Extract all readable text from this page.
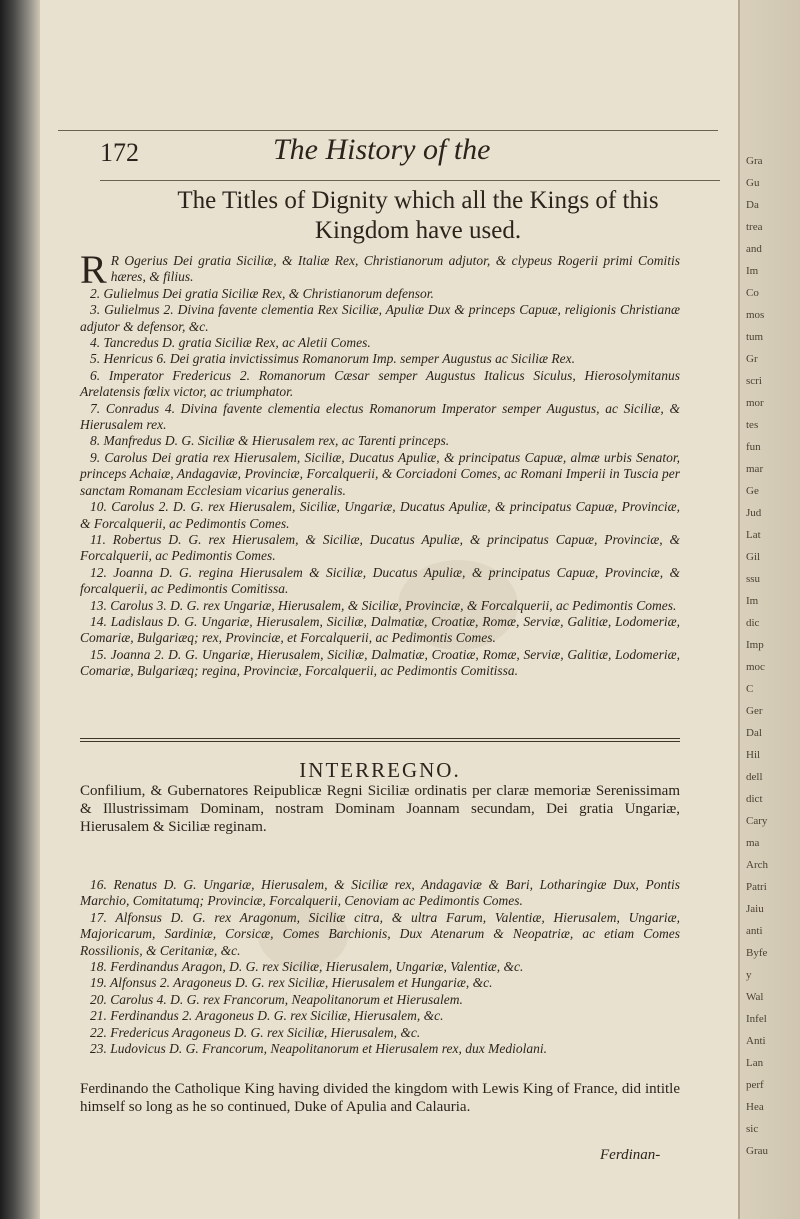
Gra
Gu
Da
trea
and
Im
Co
mos
tum
Gr
scri
mor
tes
fun
mar
Ge
Jud
Lat
Gil
ssu
Im
dic
Imp
moc
C
Ger
Dal
Hil
dell
dict
Cary
ma
Arch
Patri
Jaiu
anti
Byfe
y
Wal
Infel
Anti
Lan
perf
Hea
sic
Grau
172	The History of the
The Titles of Dignity which all the Kings of this
Kingdom have used.

R R Ogerius Dei gratia Siciliæ, & Italiæ Rex, Christianorum adjutor, & clypeus Rogerii primi Comitis hæres, & filius.

2. Gulielmus Dei gratia Siciliæ Rex, & Christianorum defensor.

3. Gulielmus 2. Divina favente clementia Rex Siciliæ, Apuliæ Dux & princeps Capuæ, religionis Christianæ adjutor & defensor, &c.

4. Tancredus D. gratia Siciliæ Rex, ac Aletii Comes.

5. Henricus 6. Dei gratia invictissimus Romanorum Imp. semper Augustus ac Siciliæ Rex.

6. Imperator Fredericus 2. Romanorum Cæsar semper Augustus Italicus Siculus, Hierosolymitanus Arelatensis fœlix victor, ac triumphator.

7. Conradus 4. Divina favente clementia electus Romanorum Imperator semper Augustus, ac Siciliæ, & Hierusalem rex.

8. Manfredus D. G. Siciliæ & Hierusalem rex, ac Tarenti princeps.

9. Carolus Dei gratia rex Hierusalem, Siciliæ, Ducatus Apuliæ, & principatus Capuæ, almæ urbis Senator, princeps Achaiæ, Andagaviæ, Provinciæ, Forcalquerii, & Corciadoni Comes, ac Romani Imperii in Tuscia per sanctam Romanam Ecclesiam vicarius generalis.

10. Carolus 2. D. G. rex Hierusalem, Siciliæ, Ungariæ, Ducatus Apuliæ, & principatus Capuæ, Provinciæ, & Forcalquerii, ac Pedimontis Comes.

11. Robertus D. G. rex Hierusalem, & Siciliæ, Ducatus Apuliæ, & principatus Capuæ, Provinciæ, & Forcalquerii, ac Pedimontis Comes.

12. Joanna D. G. regina Hierusalem & Siciliæ, Ducatus Apuliæ, & principatus Capuæ, Provinciæ, & forcalquerii, ac Pedimontis Comitissa.

13. Carolus 3. D. G. rex Ungariæ, Hierusalem, & Siciliæ, Provinciæ, & Forcalquerii, ac Pedimontis Comes.

14. Ladislaus D. G. Ungariæ, Hierusalem, Siciliæ, Dalmatiæ, Croatiæ, Romæ, Serviæ, Galitiæ, Lodomeriæ, Comariæ, Bulgariæq; rex, Provinciæ, et Forcalquerii, ac Pedimontis Comes.

15. Joanna 2. D. G. Ungariæ, Hierusalem, Siciliæ, Dalmatiæ, Croatiæ, Romæ, Serviæ, Galitiæ, Lodomeriæ, Comariæ, Bulgariæq; regina, Provinciæ, Forcalquerii, ac Pedimontis Comitissa.

INTERREGNO.
Confilium, & Gubernatores Reipublicæ Regni Siciliæ ordinatis per claræ memoriæ Serenissimam & Illustrissimam Dominam, nostram Dominam Joannam secundam, Dei gratia Ungariæ, Hierusalem & Siciliæ reginam.

16. Renatus D. G. Ungariæ, Hierusalem, & Siciliæ rex, Andagaviæ & Bari, Lotharingiæ Dux, Pontis Marchio, Comitatumq; Provinciæ, Forcalquerii, Cenoviam ac Pedimontis Comes.

17. Alfonsus D. G. rex Aragonum, Siciliæ citra, & ultra Farum, Valentiæ, Hierusalem, Ungariæ, Majoricarum, Sardiniæ, Corsicæ, Comes Barchionis, Dux Atenarum & Neopatriæ, ac etiam Comes Rossilionis, & Ceritaniæ, &c.

18. Ferdinandus Aragon, D. G. rex Siciliæ, Hierusalem, Ungariæ, Valentiæ, &c.

19. Alfonsus 2. Aragoneus D. G. rex Siciliæ, Hierusalem et Hungariæ, &c.

20. Carolus 4. D. G. rex Francorum, Neapolitanorum et Hierusalem.

21. Ferdinandus 2. Aragoneus D. G. rex Siciliæ, Hierusalem, &c.

22. Fredericus Aragoneus D. G. rex Siciliæ, Hierusalem, &c.

23. Ludovicus D. G. Francorum, Neapolitanorum et Hierusalem rex, dux Mediolani.

Ferdinando the Catholique King having divided the kingdom with Lewis King of France, did intitle himself so long as he so continued, Duke of Apulia and Calauria.
Ferdinan-
